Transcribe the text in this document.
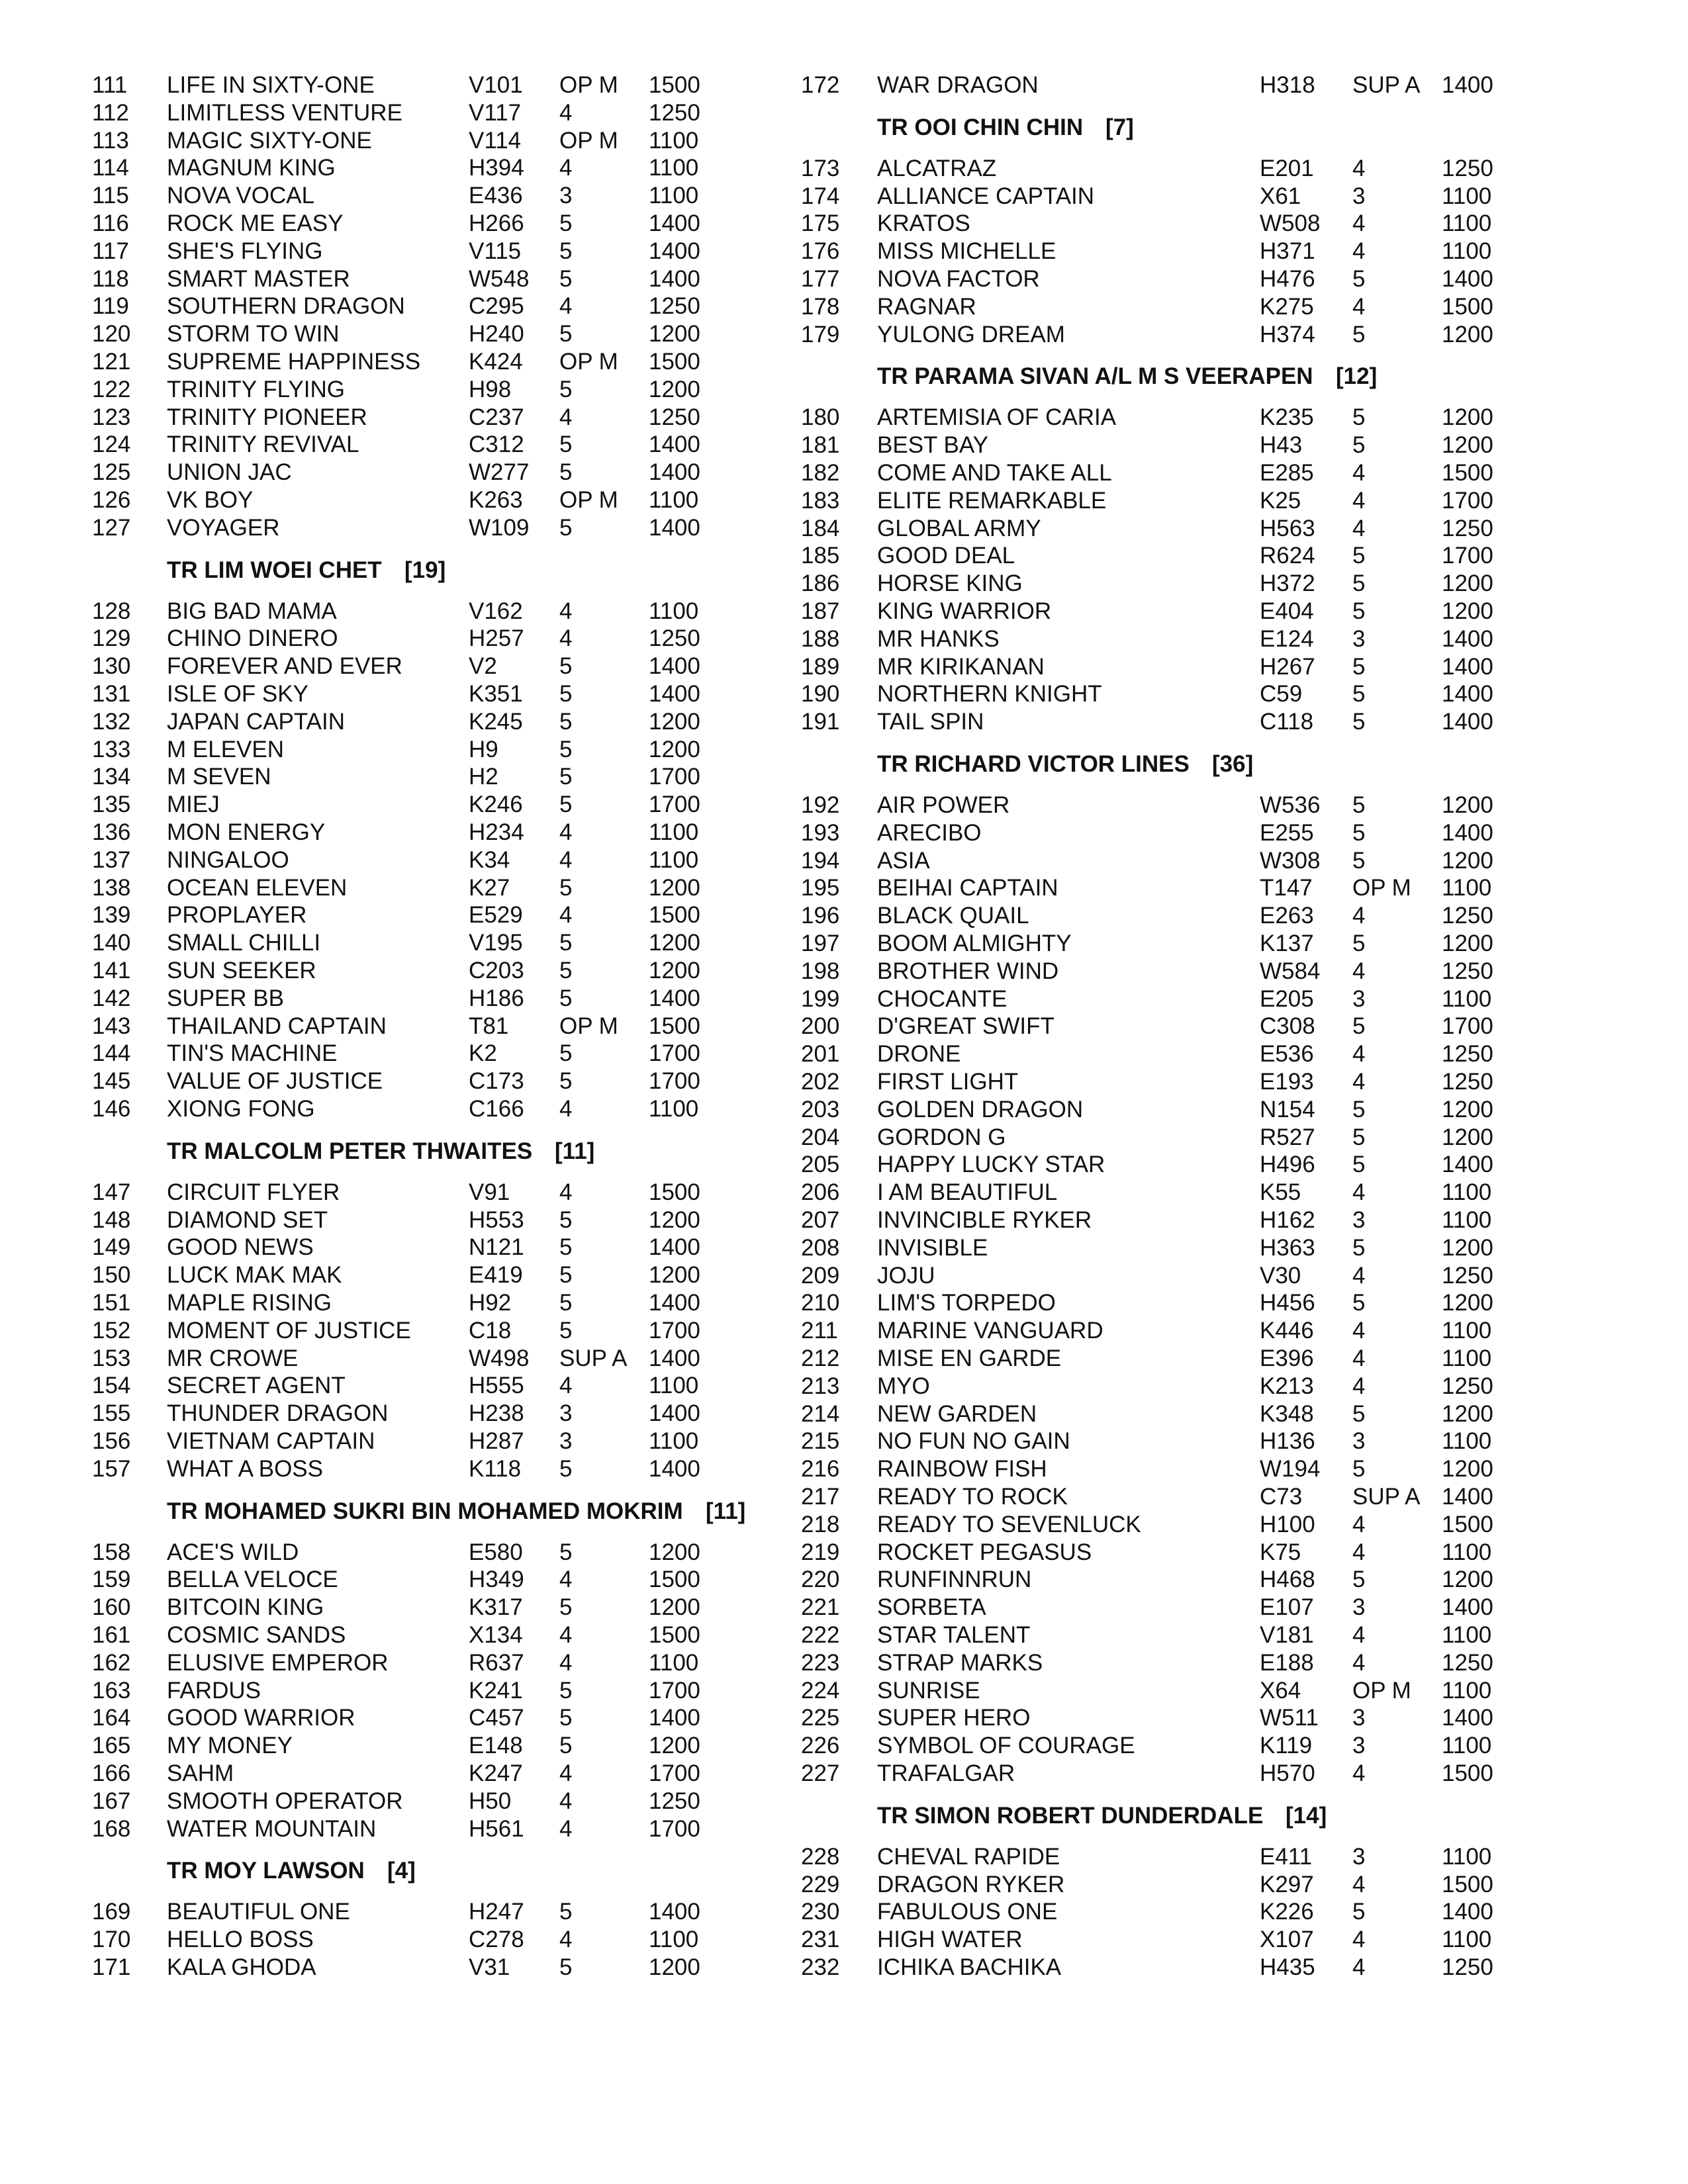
111 LIFE IN SIXTY-ONE	V101 OP M 1500
112 LIMITLESS VENTURE	V117 4	1250
113 MAGIC SIXTY-ONE	V114 OP M 1100
114 MAGNUM KING	H394 4	1100
115 NOVA VOCAL	E436 3	1100
116 ROCK ME EASY	H266 5	1400
117 SHE'S FLYING	V115 5	1400
118 SMART MASTER	W548 5	1400
119 SOUTHERN DRAGON	C295 4	1250
120 STORM TO WIN	H240 5	1200
121 SUPREME HAPPINESS K424 OP M 1500
122 TRINITY FLYING	H98 5	1200
123 TRINITY PIONEER	C237 4	1250
124 TRINITY REVIVAL	C312 5	1400
125 UNION JAC	W277 5	1400
126 VK BOY	K263 OP M 1100
127 VOYAGER	W109 5	1400
TR LIM WOEI CHET [19]
128 BIG BAD MAMA	V162 4	1100
129 CHINO DINERO	H257 4	1250
130 FOREVER AND EVER	V2	5	1400
131 ISLE OF SKY	K351 5	1400
132 JAPAN CAPTAIN	K245 5	1200
133 M ELEVEN	H9	5	1200
134 M SEVEN	H2	5	1700
135 MIEJ	K246 5	1700
136 MON ENERGY	H234 4	1100
137 NINGALOO	K34 4	1100
138 OCEAN ELEVEN	K27 5	1200
139 PROPLAYER	E529 4	1500
140 SMALL CHILLI	V195 5	1200
141 SUN SEEKER	C203 5	1200
142 SUPER BB	H186 5	1400
143 THAILAND CAPTAIN	T81 OP M 1500
144 TIN'S MACHINE	K2	5	1700
145 VALUE OF JUSTICE	C173 5	1700
146 XIONG FONG	C166 4	1100
TR MALCOLM PETER THWAITES [11]
147 CIRCUIT FLYER	V91 4	1500
148 DIAMOND SET	H553 5	1200
149 GOOD NEWS	N121 5	1400
150 LUCK MAK MAK	E419 5	1200
151 MAPLE RISING	H92 5	1400
152 MOMENT OF JUSTICE C18 5	1700
153 MR CROWE	W498 SUP A 1400
154 SECRET AGENT	H555 4	1100
155 THUNDER DRAGON	H238 3	1400
156 VIETNAM CAPTAIN	H287 3	1100
157 WHAT A BOSS	K118 5	1400
TR MOHAMED SUKRI BIN MOHAMED MOKRIM [11]
158 ACE'S WILD	E580 5	1200
159 BELLA VELOCE	H349 4	1500
160 BITCOIN KING	K317 5	1200
161 COSMIC SANDS	X134 4	1500
162 ELUSIVE EMPEROR	R637 4	1100
163 FARDUS	K241 5	1700
164 GOOD WARRIOR	C457 5	1400
165 MY MONEY	E148 5	1200
166 SAHM	K247 4	1700
167 SMOOTH OPERATOR	H50 4	1250
168 WATER MOUNTAIN	H561 4	1700
TR MOY LAWSON [4]
169 BEAUTIFUL ONE	H247 5	1400
170 HELLO BOSS	C278 4	1100
171 KALA GHODA	V31 5	1200
172 WAR DRAGON	H318 SUP A 1400
TR OOI CHIN CHIN [7]
173 ALCATRAZ	E201 4	1250
174 ALLIANCE CAPTAIN	X61 3	1100
175 KRATOS	W508 4	1100
176 MISS MICHELLE	H371 4	1100
177 NOVA FACTOR	H476 5	1400
178 RAGNAR	K275 4	1500
179 YULONG DREAM	H374 5	1200
TR PARAMA SIVAN A/L M S VEERAPEN [12]
180 ARTEMISIA OF CARIA	K235 5	1200
181 BEST BAY	H43 5	1200
182 COME AND TAKE ALL	E285 4	1500
183 ELITE REMARKABLE	K25 4	1700
184 GLOBAL ARMY	H563 4	1250
185 GOOD DEAL	R624 5	1700
186 HORSE KING	H372 5	1200
187 KING WARRIOR	E404 5	1200
188 MR HANKS	E124 3	1400
189 MR KIRIKANAN	H267 5	1400
190 NORTHERN KNIGHT	C59 5	1400
191 TAIL SPIN	C118 5	1400
TR RICHARD VICTOR LINES [36]
192 AIR POWER	W536 5	1200
193 ARECIBO	E255 5	1400
194 ASIA	W308 5	1200
195 BEIHAI CAPTAIN	T147 OP M 1100
196 BLACK QUAIL	E263 4	1250
197 BOOM ALMIGHTY	K137 5	1200
198 BROTHER WIND	W584 4	1250
199 CHOCANTE	E205 3	1100
200 D'GREAT SWIFT	C308 5	1700
201 DRONE	E536 4	1250
202 FIRST LIGHT	E193 4	1250
203 GOLDEN DRAGON	N154 5	1200
204 GORDON G	R527 5	1200
205 HAPPY LUCKY STAR	H496 5	1400
206 I AM BEAUTIFUL	K55 4	1100
207 INVINCIBLE RYKER	H162 3	1100
208 INVISIBLE	H363 5	1200
209 JOJU	V30 4	1250
210 LIM'S TORPEDO	H456 5	1200
211 MARINE VANGUARD	K446 4	1100
212 MISE EN GARDE	E396 4	1100
213 MYO	K213 4	1250
214 NEW GARDEN	K348 5	1200
215 NO FUN NO GAIN	H136 3	1100
216 RAINBOW FISH	W194 5	1200
217 READY TO ROCK	C73 SUP A 1400
218 READY TO SEVENLUCK	H100 4	1500
219 ROCKET PEGASUS	K75 4	1100
220 RUNFINNRUN	H468 5	1200
221 SORBETA	E107 3	1400
222 STAR TALENT	V181 4	1100
223 STRAP MARKS	E188 4	1250
224 SUNRISE	X64 OP M 1100
225 SUPER HERO	W511 3	1400
226 SYMBOL OF COURAGE	K119 3	1100
227 TRAFALGAR	H570 4	1500
TR SIMON ROBERT DUNDERDALE [14]
228 CHEVAL RAPIDE	E411 3	1100
229 DRAGON RYKER	K297 4	1500
230 FABULOUS ONE	K226 5	1400
231 HIGH WATER	X107 4	1100
232 ICHIKA BACHIKA	H435 4	1250
